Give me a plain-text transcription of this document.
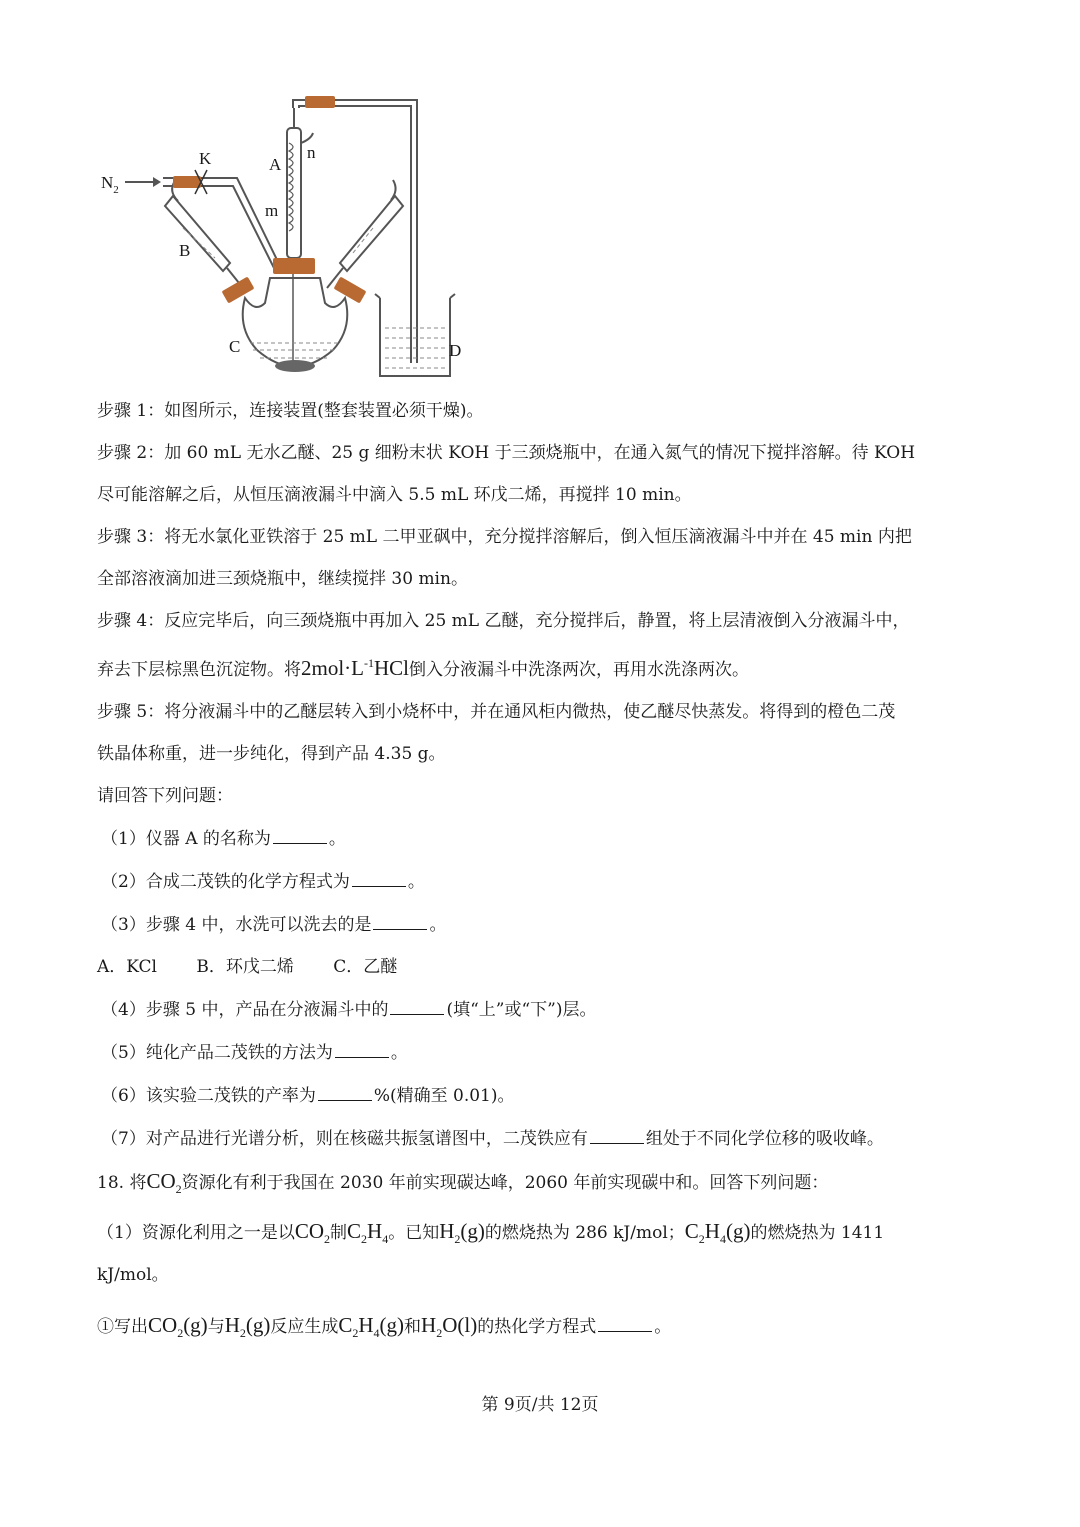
$N_2$
K	A
n
m
B
C	D
步骤 1：如图所示，连接装置(整套装置必须干燥)。
步骤 2：加 60 mL 无水乙醚、25 g 细粉末状 KOH 于三颈烧瓶中，在通入氮气的情况下搅拌溶解。待 KOH
尽可能溶解之后，从恒压滴液漏斗中滴入 5.5 mL 环戊二烯，再搅拌 10 min。
步骤 3：将无水氯化亚铁溶于 25 mL 二甲亚砜中，充分搅拌溶解后，倒入恒压滴液漏斗中并在 45 min 内把
全部溶液滴加进三颈烧瓶中，继续搅拌 30 min。
步骤 4：反应完毕后，向三颈烧瓶中再加入 25 mL 乙醚，充分搅拌后，静置，将上层清液倒入分液漏斗中，
弃去下层棕黑色沉淀物。将$2mol\cdot L^{-1}HCl$倒入分液漏斗中洗涤两次，再用水洗涤两次。
步骤 5：将分液漏斗中的乙醚层转入到小烧杯中，并在通风柜内微热，使乙醚尽快蒸发。将得到的橙色二茂
铁晶体称重，进一步纯化，得到产品 4.35 g。
请回答下列问题：
（1）仪器 A 的名称为	。
（2）合成二茂铁的化学方程式为	。
（3）步骤 4 中，水洗可以洗去的是	。
A．KCl B．环戊二烯 C．乙醚
（4）步骤 5 中，产品在分液漏斗中的	(填“上”或“下”)层。
（5）纯化产品二茂铁的方法为	。
（6）该实验二茂铁的产率为	%(精确至 0.01)。
（7）对产品进行光谱分析，则在核磁共振氢谱图中，二茂铁应有	组处于不同化学位移的吸收峰。
18. 将$CO_2$资源化有利于我国在 2030 年前实现碳达峰，2060 年前实现碳中和。回答下列问题：
（1）资源化利用之一是以$CO_2$制$C_2H_4$。已知$H_2(g)$的燃烧热为 286 kJ/mol；$C_2H_4(g)$的燃烧热为 1411
kJ/mol。
①写出$CO_2(g)$与$H_2(g)$反应生成$C_2H_4(g)$和$H_2O(l)$的热化学方程式	。
第 9页/共 12页
